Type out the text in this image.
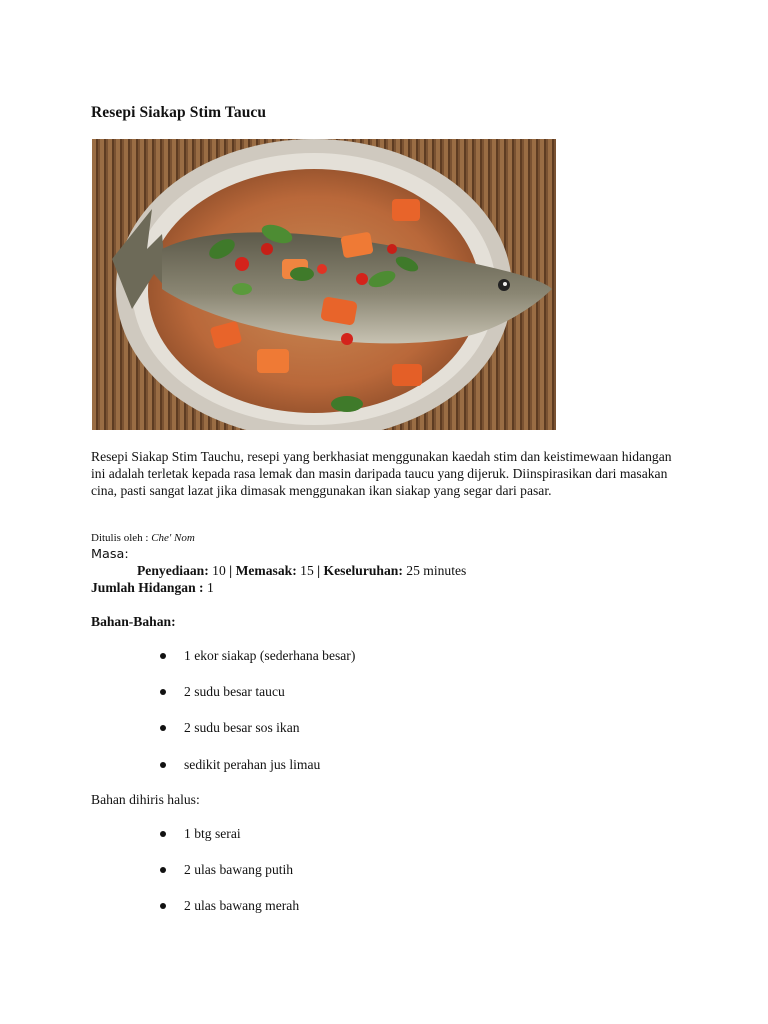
Resepi Siakap Stim Taucu

Resepi Siakap Stim Tauchu, resepi yang berkhasiat menggunakan kaedah stim dan keistimewaan hidangan ini adalah terletak kepada rasa lemak dan masin daripada taucu yang dijeruk. Diinspirasikan dari masakan cina, pasti sangat lazat jika dimasak menggunakan ikan siakap yang segar dari pasar.

Ditulis oleh : Che' Nom

Masa:

Penyediaan: 10 | Memasak: 15 | Keseluruhan: 25 minutes

Jumlah Hidangan : 1

Bahan-Bahan:

1 ekor siakap (sederhana besar)
2 sudu besar taucu
2 sudu besar sos ikan
sedikit perahan jus limau

Bahan dihiris halus:

1 btg serai
2 ulas bawang putih
2 ulas bawang merah
